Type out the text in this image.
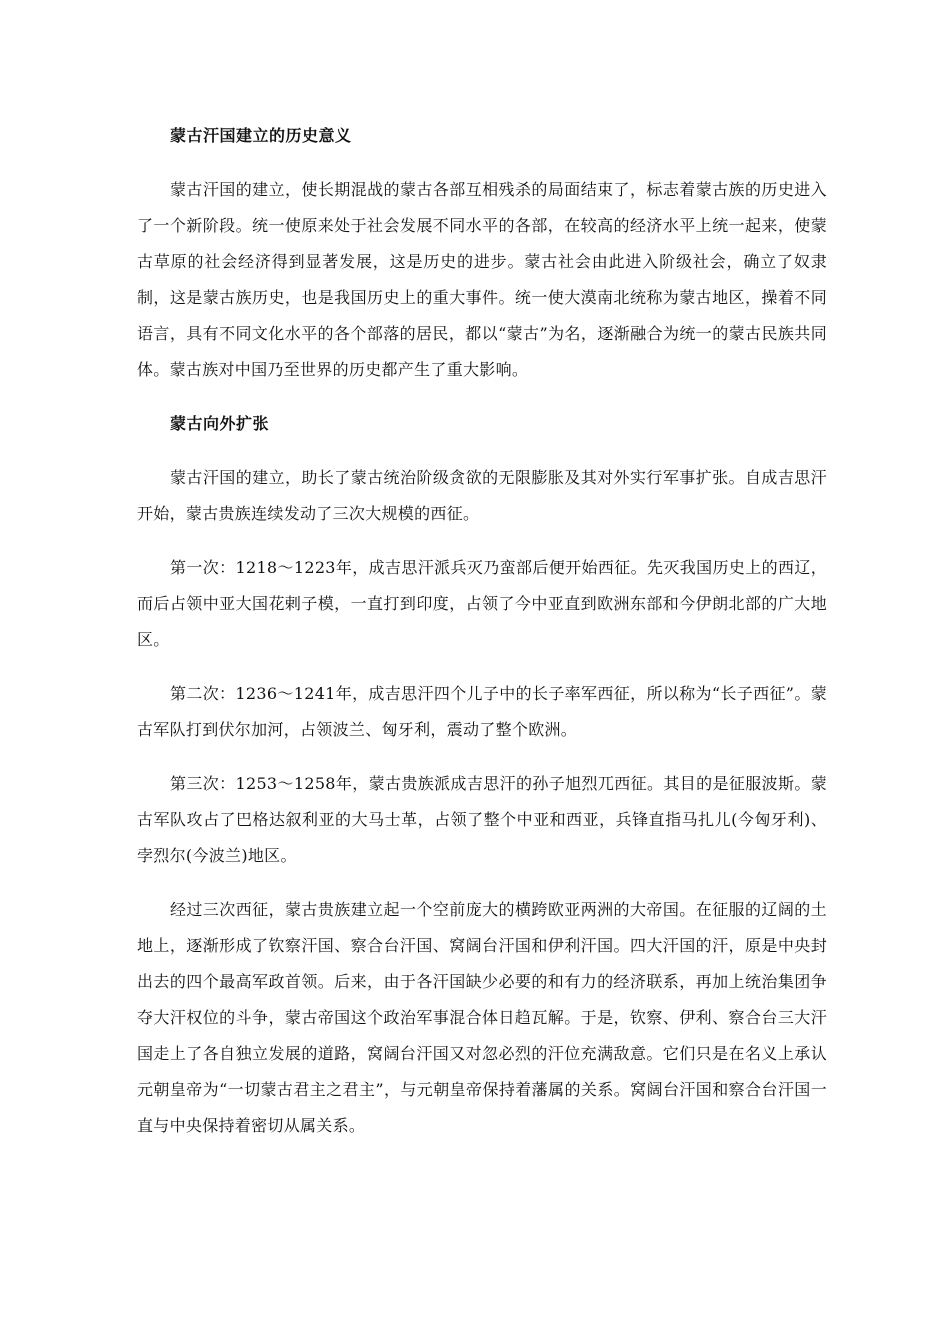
蒙古汗国建立的历史意义

蒙古汗国的建立，使长期混战的蒙古各部互相残杀的局面结束了，标志着蒙古族的历史进入了一个新阶段。统一使原来处于社会发展不同水平的各部，在较高的经济水平上统一起来，使蒙古草原的社会经济得到显著发展，这是历史的进步。蒙古社会由此进入阶级社会，确立了奴隶制，这是蒙古族历史，也是我国历史上的重大事件。统一使大漠南北统称为蒙古地区，操着不同语言，具有不同文化水平的各个部落的居民，都以“蒙古”为名，逐渐融合为统一的蒙古民族共同体。蒙古族对中国乃至世界的历史都产生了重大影响。

蒙古向外扩张

蒙古汗国的建立，助长了蒙古统治阶级贪欲的无限膨胀及其对外实行军事扩张。自成吉思汗开始，蒙古贵族连续发动了三次大规模的西征。

第一次：1218～1223年，成吉思汗派兵灭乃蛮部后便开始西征。先灭我国历史上的西辽，而后占领中亚大国花剌子模，一直打到印度，占领了今中亚直到欧洲东部和今伊朗北部的广大地区。

第二次：1236～1241年，成吉思汗四个儿子中的长子率军西征，所以称为“长子西征”。蒙古军队打到伏尔加河，占领波兰、匈牙利，震动了整个欧洲。

第三次：1253～1258年，蒙古贵族派成吉思汗的孙子旭烈兀西征。其目的是征服波斯。蒙古军队攻占了巴格达叙利亚的大马士革，占领了整个中亚和西亚，兵锋直指马扎儿(今匈牙利)、孛烈尔(今波兰)地区。

经过三次西征，蒙古贵族建立起一个空前庞大的横跨欧亚两洲的大帝国。在征服的辽阔的土地上，逐渐形成了钦察汗国、察合台汗国、窝阔台汗国和伊利汗国。四大汗国的汗，原是中央封出去的四个最高军政首领。后来，由于各汗国缺少必要的和有力的经济联系，再加上统治集团争夺大汗权位的斗争，蒙古帝国这个政治军事混合体日趋瓦解。于是，钦察、伊利、察合台三大汗国走上了各自独立发展的道路，窝阔台汗国又对忽必烈的汗位充满敌意。它们只是在名义上承认元朝皇帝为“一切蒙古君主之君主”，与元朝皇帝保持着藩属的关系。窝阔台汗国和察合台汗国一直与中央保持着密切从属关系。
